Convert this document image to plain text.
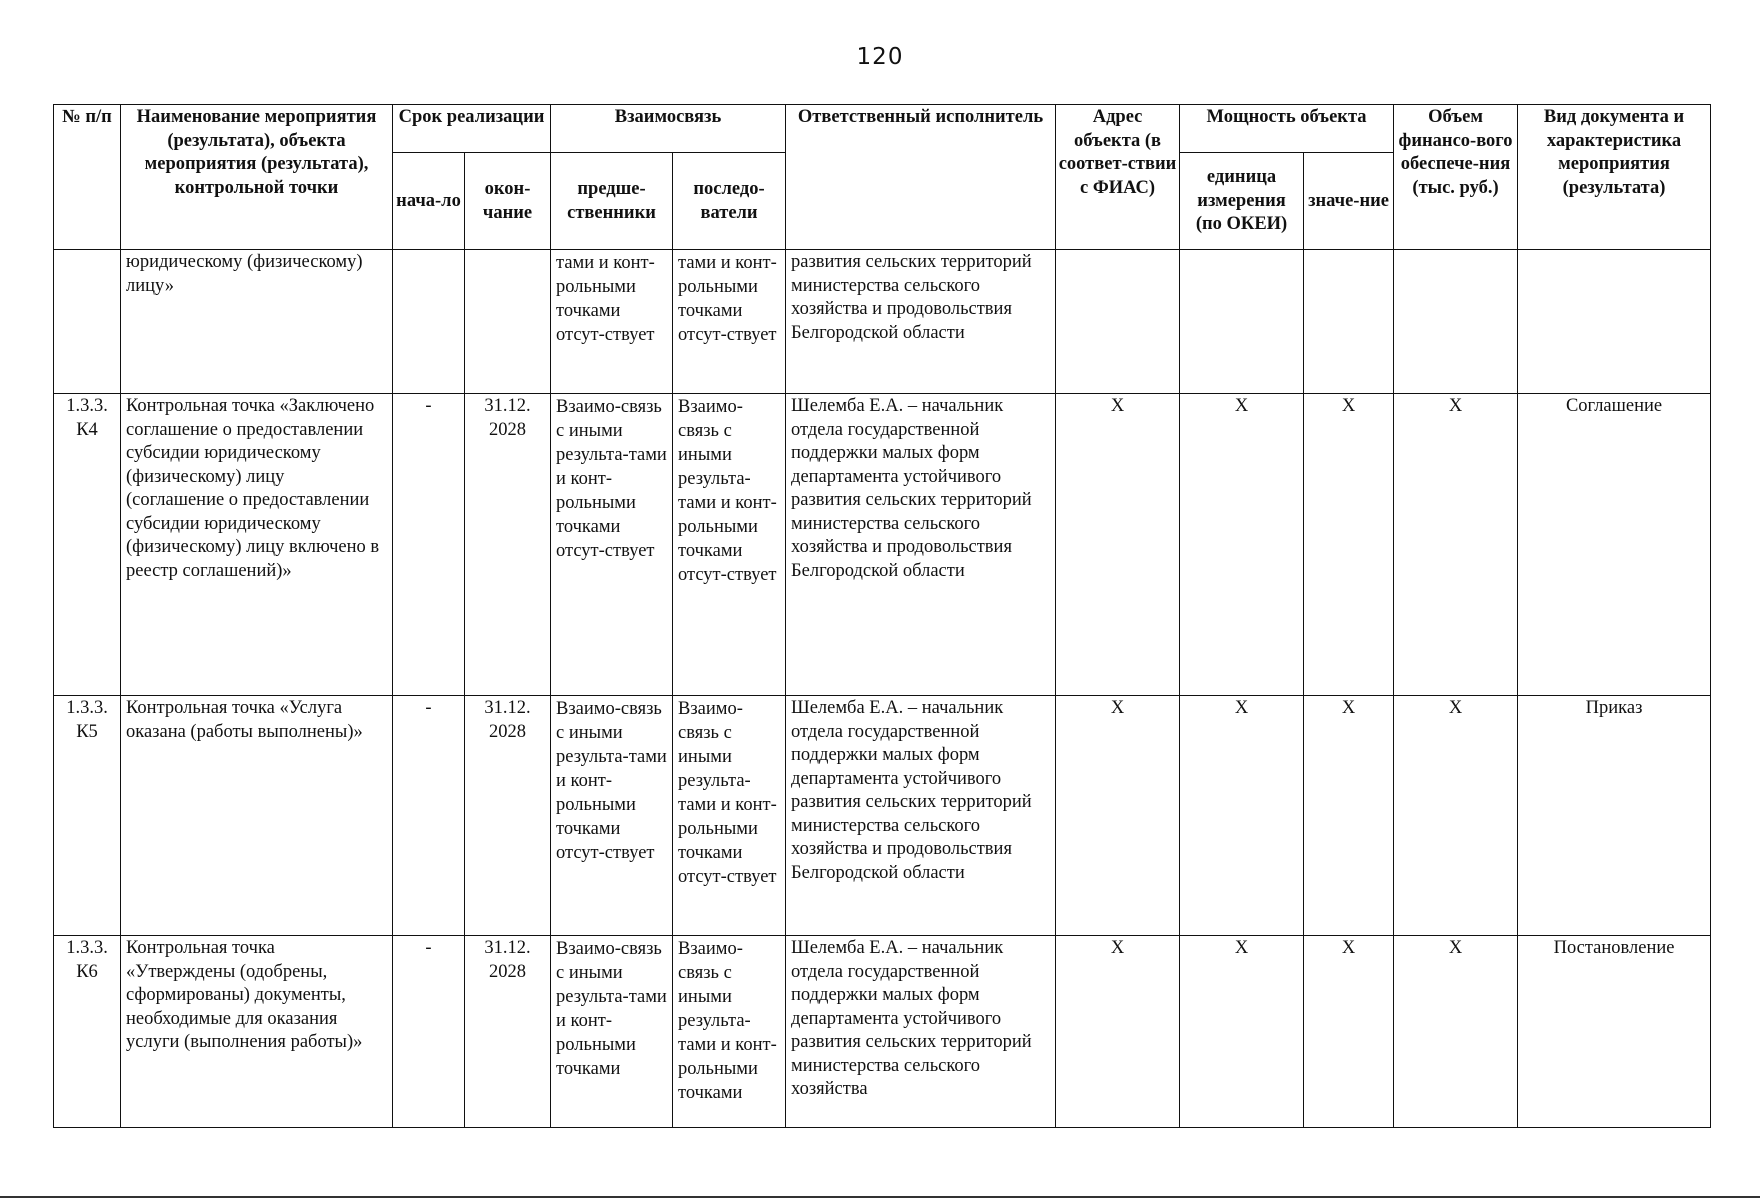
120
№ п/п	Наименование мероприятия (результата), объекта мероприятия (результата), контрольной точки	Срок реализации		Взаимосвязь		Ответственный исполнитель	Адрес объекта (в соответ-ствии с ФИАС)	Мощность объекта		Объем финансо-вого обеспече-ния (тыс. руб.)	Вид документа и характеристика мероприятия (результата)
		нача-ло	окон-чание	предше-ственники	последо-ватели			единица измерения (по ОКЕИ)	значе-ние		
	юридическому (физическому) лицу»			тами и конт-рольными точками отсут-ствует	тами и конт-рольными точками отсут-ствует	развития сельских территорий министерства сельского хозяйства и продовольствия Белгородской области					
1.3.3. К4	Контрольная точка «Заключено соглашение о предоставлении субсидии юридическому (физическому) лицу (соглашение о предоставлении субсидии юридическому (физическому) лицу включено в реестр соглашений)»	-	31.12. 2028	Взаимо-связь с иными результа-тами и конт-рольными точками отсут-ствует	Взаимо-связь с иными результа-тами и конт-рольными точками отсут-ствует	Шелемба Е.А. – начальник отдела государственной поддержки малых форм департамента устойчивого развития сельских территорий министерства сельского хозяйства и продовольствия Белгородской области	Х	Х	Х	Х	Соглашение
1.3.3. К5	Контрольная точка «Услуга оказана (работы выполнены)»	-	31.12. 2028	Взаимо-связь с иными результа-тами и конт-рольными точками отсут-ствует	Взаимо-связь с иными результа-тами и конт-рольными точками отсут-ствует	Шелемба Е.А. – начальник отдела государственной поддержки малых форм департамента устойчивого развития сельских территорий министерства сельского хозяйства и продовольствия Белгородской области	Х	Х	Х	Х	Приказ
1.3.3. К6	Контрольная точка «Утверждены (одобрены, сформированы) документы, необходимые для оказания услуги (выполнения работы)»	-	31.12. 2028	Взаимо-связь с иными результа-тами и конт-рольными точками	Взаимо-связь с иными результа-тами и конт-рольными точками	Шелемба Е.А. – начальник отдела государственной поддержки малых форм департамента устойчивого развития сельских территорий министерства сельского хозяйства	Х	Х	Х	Х	Постановление
